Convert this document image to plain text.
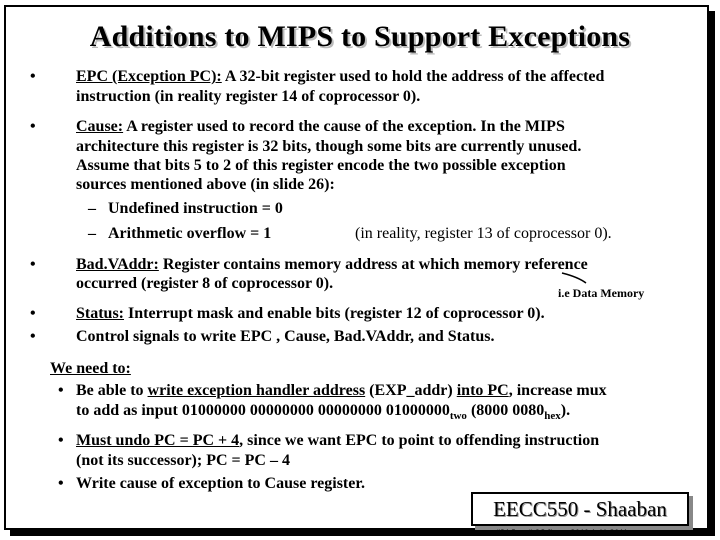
Additions to MIPS to Support Exceptions
•	EPC (Exception PC): A 32-bit register used to hold the address of the affected
instruction (in reality register 14 of coprocessor 0).
•	Cause: A register used to record the cause of the exception. In the MIPS
architecture this register is 32 bits, though some bits are currently unused.
Assume that bits 5 to 2 of this register encode the two possible exception
sources mentioned above (in slide 26):
– Undefined instruction = 0
– Arithmetic overflow = 1	(in reality, register 13 of coprocessor 0).
•	Bad.VAddr: Register contains memory address at which memory reference
occurred (register 8 of coprocessor 0).
i.e Data Memory
•	Status: Interrupt mask and enable bits (register 12 of coprocessor 0).
•	Control signals to write EPC , Cause, Bad.VAddr, and Status.
We need to:
• Be able to write exception handler address (EXP_addr) into PC, increase mux
to add as input 01000000 00000000 00000000 $01000000_{two}$ (8000 $0080_{hex}$).
• Must undo PC = PC + 4, since we want EPC to point to offending instruction
(not its successor); PC = PC – 4
• Write cause of exception to Cause register.
EECC550 - Shaaban
#31 Lec # 6 Winter 2010 1-11-2011
